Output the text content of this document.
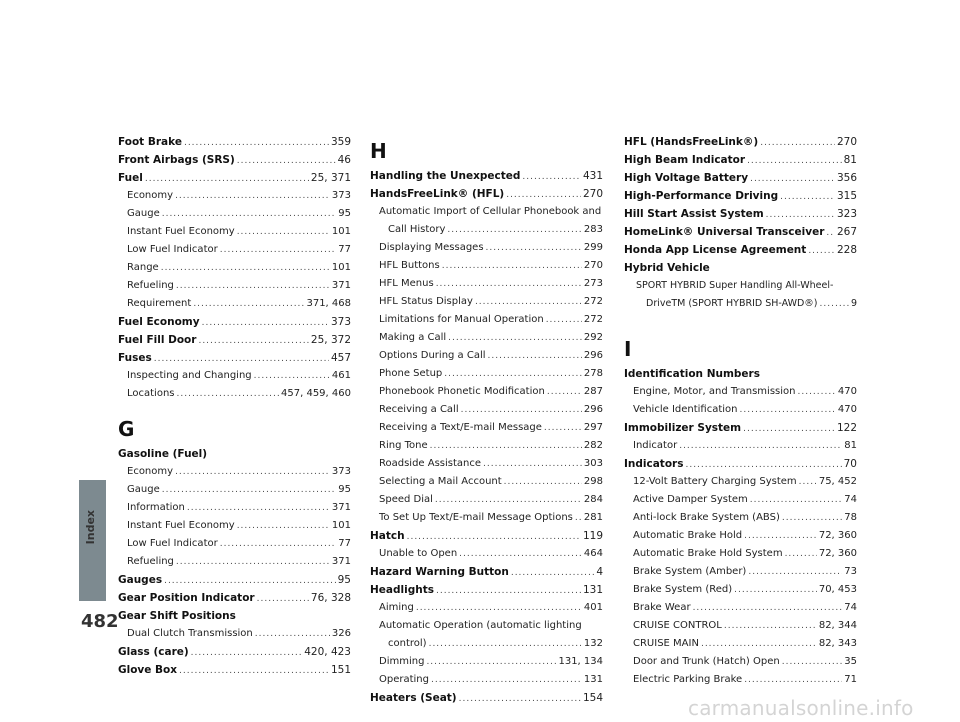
Index
482
carmanualsonline.info
Foot Brake .....	359
Front Airbags (SRS) .....	46
Fuel .....	25, 371
Economy .....	373
Gauge .....	95
Instant Fuel Economy .....	101
Low Fuel Indicator .....	77
Range .....	101
Refueling .....	371
Requirement .....	371, 468
Fuel Economy .....	373
Fuel Fill Door .....	25, 372
Fuses .....	457
Inspecting and Changing .....	461
Locations .....	457, 459, 460
G
Gasoline (Fuel)
Economy .....	373
Gauge .....	95
Information .....	371
Instant Fuel Economy .....	101
Low Fuel Indicator .....	77
Refueling .....	371
Gauges .....	95
Gear Position Indicator .....	76, 328
Gear Shift Positions
Dual Clutch Transmission .....	326
Glass (care) .....	420, 423
Glove Box .....	151
H
Handling the Unexpected .....	431
HandsFreeLink® (HFL) .....	270
Automatic Import of Cellular Phonebook and
Call History .....	283
Displaying Messages .....	299
HFL Buttons .....	270
HFL Menus .....	273
HFL Status Display .....	272
Limitations for Manual Operation .....	272
Making a Call .....	292
Options During a Call .....	296
Phone Setup .....	278
Phonebook Phonetic Modification .....	287
Receiving a Call .....	296
Receiving a Text/E-mail Message .....	297
Ring Tone .....	282
Roadside Assistance .....	303
Selecting a Mail Account .....	298
Speed Dial .....	284
To Set Up Text/E-mail Message Options ..... 281
Hatch .....	119
Unable to Open .....	464
Hazard Warning Button .....	4
Headlights .....	131
Aiming .....	401
Automatic Operation (automatic lighting
control) .....	132
Dimming .....	131, 134
Operating .....	131
Heaters (Seat) .....	154
HFL (HandsFreeLink®) .....	270
High Beam Indicator .....	81
High Voltage Battery .....	356
High-Performance Driving .....	315
Hill Start Assist System .....	323
HomeLink® Universal Transceiver ..... 267
Honda App License Agreement .....	228
Hybrid Vehicle
SPORT HYBRID Super Handling All-Wheel-
DriveTM (SPORT HYBRID SH-AWD®) .....	9
I
Identification Numbers
Engine, Motor, and Transmission .....	470
Vehicle Identification .....	470
Immobilizer System .....	122
Indicator .....	81
Indicators .....	70
12-Volt Battery Charging System ..... 75, 452
Active Damper System .....	74
Anti-lock Brake System (ABS) .....	78
Automatic Brake Hold .....	72, 360
Automatic Brake Hold System .....	72, 360
Brake System (Amber) .....	73
Brake System (Red) .....	70, 453
Brake Wear .....	74
CRUISE CONTROL .....	82, 344
CRUISE MAIN .....	82, 343
Door and Trunk (Hatch) Open .....	35
Electric Parking Brake .....	71
